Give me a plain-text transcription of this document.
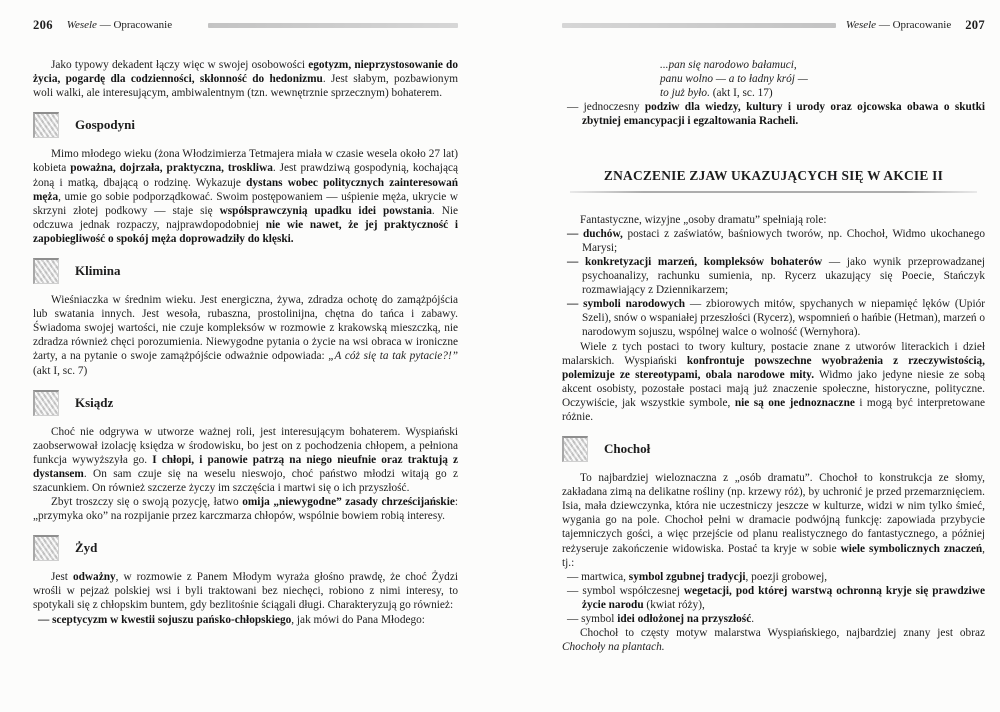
206 Wesele — Opracowanie

Jako typowy dekadent łączy więc w swojej osobowości egotyzm, nieprzystosowanie do życia, pogardę dla codzienności, skłonność do hedonizmu. Jest słabym, pozbawionym woli walki, ale interesującym, ambiwalentnym (tzn. wewnętrznie sprzecznym) bohaterem.

Gospodyni

Mimo młodego wieku (żona Włodzimierza Tetmajera miała w czasie wesela około 27 lat) kobieta poważna, dojrzała, praktyczna, troskliwa. Jest prawdziwą gospodynią, kochającą żoną i matką, dbającą o rodzinę. Wykazuje dystans wobec politycznych zainteresowań męża, umie go sobie podporządkować. Swoim postępowaniem — uśpienie męża, ukrycie w skrzyni złotej podkowy — staje się współsprawczynią upadku idei powstania. Nie odczuwa jednak rozpaczy, najprawdopodobniej nie wie nawet, że jej praktyczność i zapobiegliwość o spokój męża doprowadziły do klęski.

Klimina

Wieśniaczka w średnim wieku. Jest energiczna, żywa, zdradza ochotę do zamążpójścia lub swatania innych. Jest wesoła, rubaszna, prostolinijna, chętna do tańca i zabawy. Świadoma swojej wartości, nie czuje kompleksów w rozmowie z krakowską mieszczką, nie zdradza również chęci porozumienia. Niewygodne pytania o życie na wsi obraca w ironiczne żarty, a na pytanie o swoje zamążpójście odważnie odpowiada: „A cóż się ta tak pytacie?!” (akt I, sc. 7)

Ksiądz

Choć nie odgrywa w utworze ważnej roli, jest interesującym bohaterem. Wyspiański zaobserwował izolację księdza w środowisku, bo jest on z pochodzenia chłopem, a pełniona funkcja wywyższyła go. I chłopi, i panowie patrzą na niego nieufnie oraz traktują z dystansem. On sam czuje się na weselu nieswojo, choć państwo młodzi witają go z szacunkiem. On również szczerze życzy im szczęścia i martwi się o ich przyszłość.

Zbyt troszczy się o swoją pozycję, łatwo omija „niewygodne” zasady chrześcijańskie: „przymyka oko” na rozpijanie przez karczmarza chłopów, wspólnie bowiem robią interesy.

Żyd

Jest odważny, w rozmowie z Panem Młodym wyraża głośno prawdę, że choć Żydzi wrośli w pejzaż polskiej wsi i byli traktowani bez niechęci, robiono z nimi interesy, to spotykali się z chłopskim buntem, gdy bezlitośnie ściągali długi. Charakteryzują go również:

— sceptycyzm w kwestii sojuszu pańsko-chłopskiego, jak mówi do Pana Młodego:

Wesele — Opracowanie 207
...pan się narodowo bałamuci,
panu wolno — a to ładny krój —
to już było. (akt I, sc. 17)

— jednoczesny podziw dla wiedzy, kultury i urody oraz ojcowska obawa o skutki zbytniej emancypacji i egzaltowania Racheli.

ZNACZENIE ZJAW UKAZUJĄCYCH SIĘ W AKCIE II

Fantastyczne, wizyjne „osoby dramatu” spełniają role:

— duchów, postaci z zaświatów, baśniowych tworów, np. Chochoł, Widmo ukochanego Marysi;

— konkretyzacji marzeń, kompleksów bohaterów — jako wynik przeprowadzanej psychoanalizy, rachunku sumienia, np. Rycerz ukazujący się Poecie, Stańczyk rozmawiający z Dziennikarzem;

— symboli narodowych — zbiorowych mitów, spychanych w niepamięć lęków (Upiór Szeli), snów o wspaniałej przeszłości (Rycerz), wspomnień o hańbie (Hetman), marzeń o narodowym sojuszu, wspólnej walce o wolność (Wernyhora).

Wiele z tych postaci to twory kultury, postacie znane z utworów literackich i dzieł malarskich. Wyspiański konfrontuje powszechne wyobrażenia z rzeczywistością, polemizuje ze stereotypami, obala narodowe mity. Widmo jako jedyne niesie ze sobą akcent osobisty, pozostałe postaci mają już znaczenie społeczne, historyczne, polityczne. Oczywiście, jak wszystkie symbole, nie są one jednoznaczne i mogą być interpretowane różnie.

Chochoł

To najbardziej wieloznaczna z „osób dramatu”. Chochoł to konstrukcja ze słomy, zakładana zimą na delikatne rośliny (np. krzewy róż), by uchronić je przed przemarznięciem. Isia, mała dziewczynka, która nie uczestniczy jeszcze w kulturze, widzi w nim tylko śmieć, wygania go na pole. Chochoł pełni w dramacie podwójną funkcję: zapowiada przybycie tajemniczych gości, a więc przejście od planu realistycznego do fantastycznego, a później reżyseruje zakończenie widowiska. Postać ta kryje w sobie wiele symbolicznych znaczeń, tj.:

— martwica, symbol zgubnej tradycji, poezji grobowej,

— symbol współczesnej wegetacji, pod której warstwą ochronną kryje się prawdziwe życie narodu (kwiat róży),

— symbol idei odłożonej na przyszłość.

Chochoł to częsty motyw malarstwa Wyspiańskiego, najbardziej znany jest obraz Chochoły na plantach.
